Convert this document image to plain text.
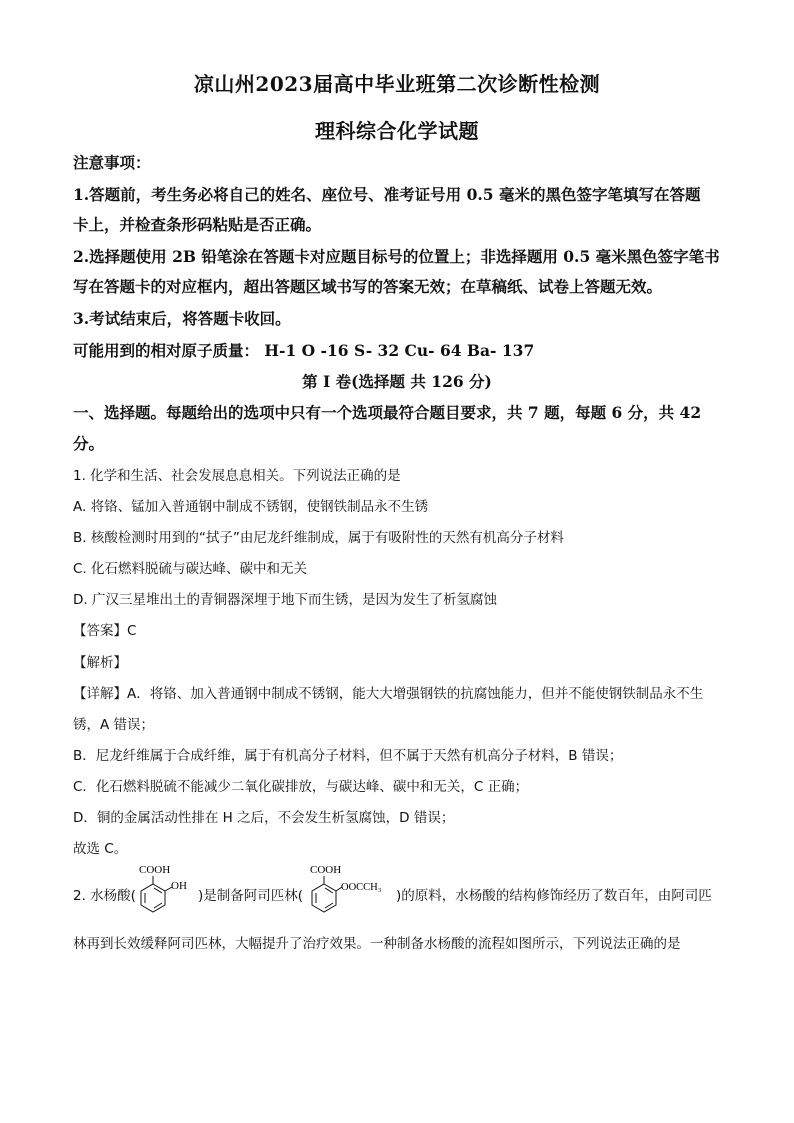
凉山州2023届高中毕业班第二次诊断性检测
理科综合化学试题
注意事项：
1.答题前，考生务必将自己的姓名、座位号、准考证号用 0.5 毫米的黑色签字笔填写在答题
卡上，并检查条形码粘贴是否正确。
2.选择题使用 2B 铅笔涂在答题卡对应题目标号的位置上；非选择题用 0.5 毫米黑色签字笔书
写在答题卡的对应框内，超出答题区域书写的答案无效；在草稿纸、试卷上答题无效。
3.考试结束后，将答题卡收回。
可能用到的相对原子质量： H-1 O -16 S- 32 Cu- 64 Ba- 137
第 I 卷(选择题 共 126 分)
一、选择题。每题给出的选项中只有一个选项最符合题目要求，共 7 题，每题 6 分，共 42
分。
1. 化学和生活、社会发展息息相关。下列说法正确的是
A. 将铬、锰加入普通钢中制成不锈钢，使钢铁制品永不生锈
B. 核酸检测时用到的“拭子”由尼龙纤维制成，属于有吸附性的天然有机高分子材料
C. 化石燃料脱硫与碳达峰、碳中和无关
D. 广汉三星堆出土的青铜器深埋于地下而生锈，是因为发生了析氢腐蚀
【答案】C
【解析】
【详解】A．将铬、加入普通钢中制成不锈钢，能大大增强钢铁的抗腐蚀能力，但并不能使钢铁制品永不生
锈，A 错误；
B．尼龙纤维属于合成纤维，属于有机高分子材料，但不属于天然有机高分子材料，B 错误；
C．化石燃料脱硫不能减少二氧化碳排放，与碳达峰、碳中和无关，C 正确；
D．铜的金属活动性排在 H 之后，不会发生析氢腐蚀，D 错误；
故选 C。
2. 水杨酸(
COOH
OH
)是制备阿司匹林(
COOH
OOCCH₃
)的原料，水杨酸的结构修饰经历了数百年，由阿司匹
林再到长效缓释阿司匹林，大幅提升了治疗效果。一种制备水杨酸的流程如图所示，下列说法正确的是
